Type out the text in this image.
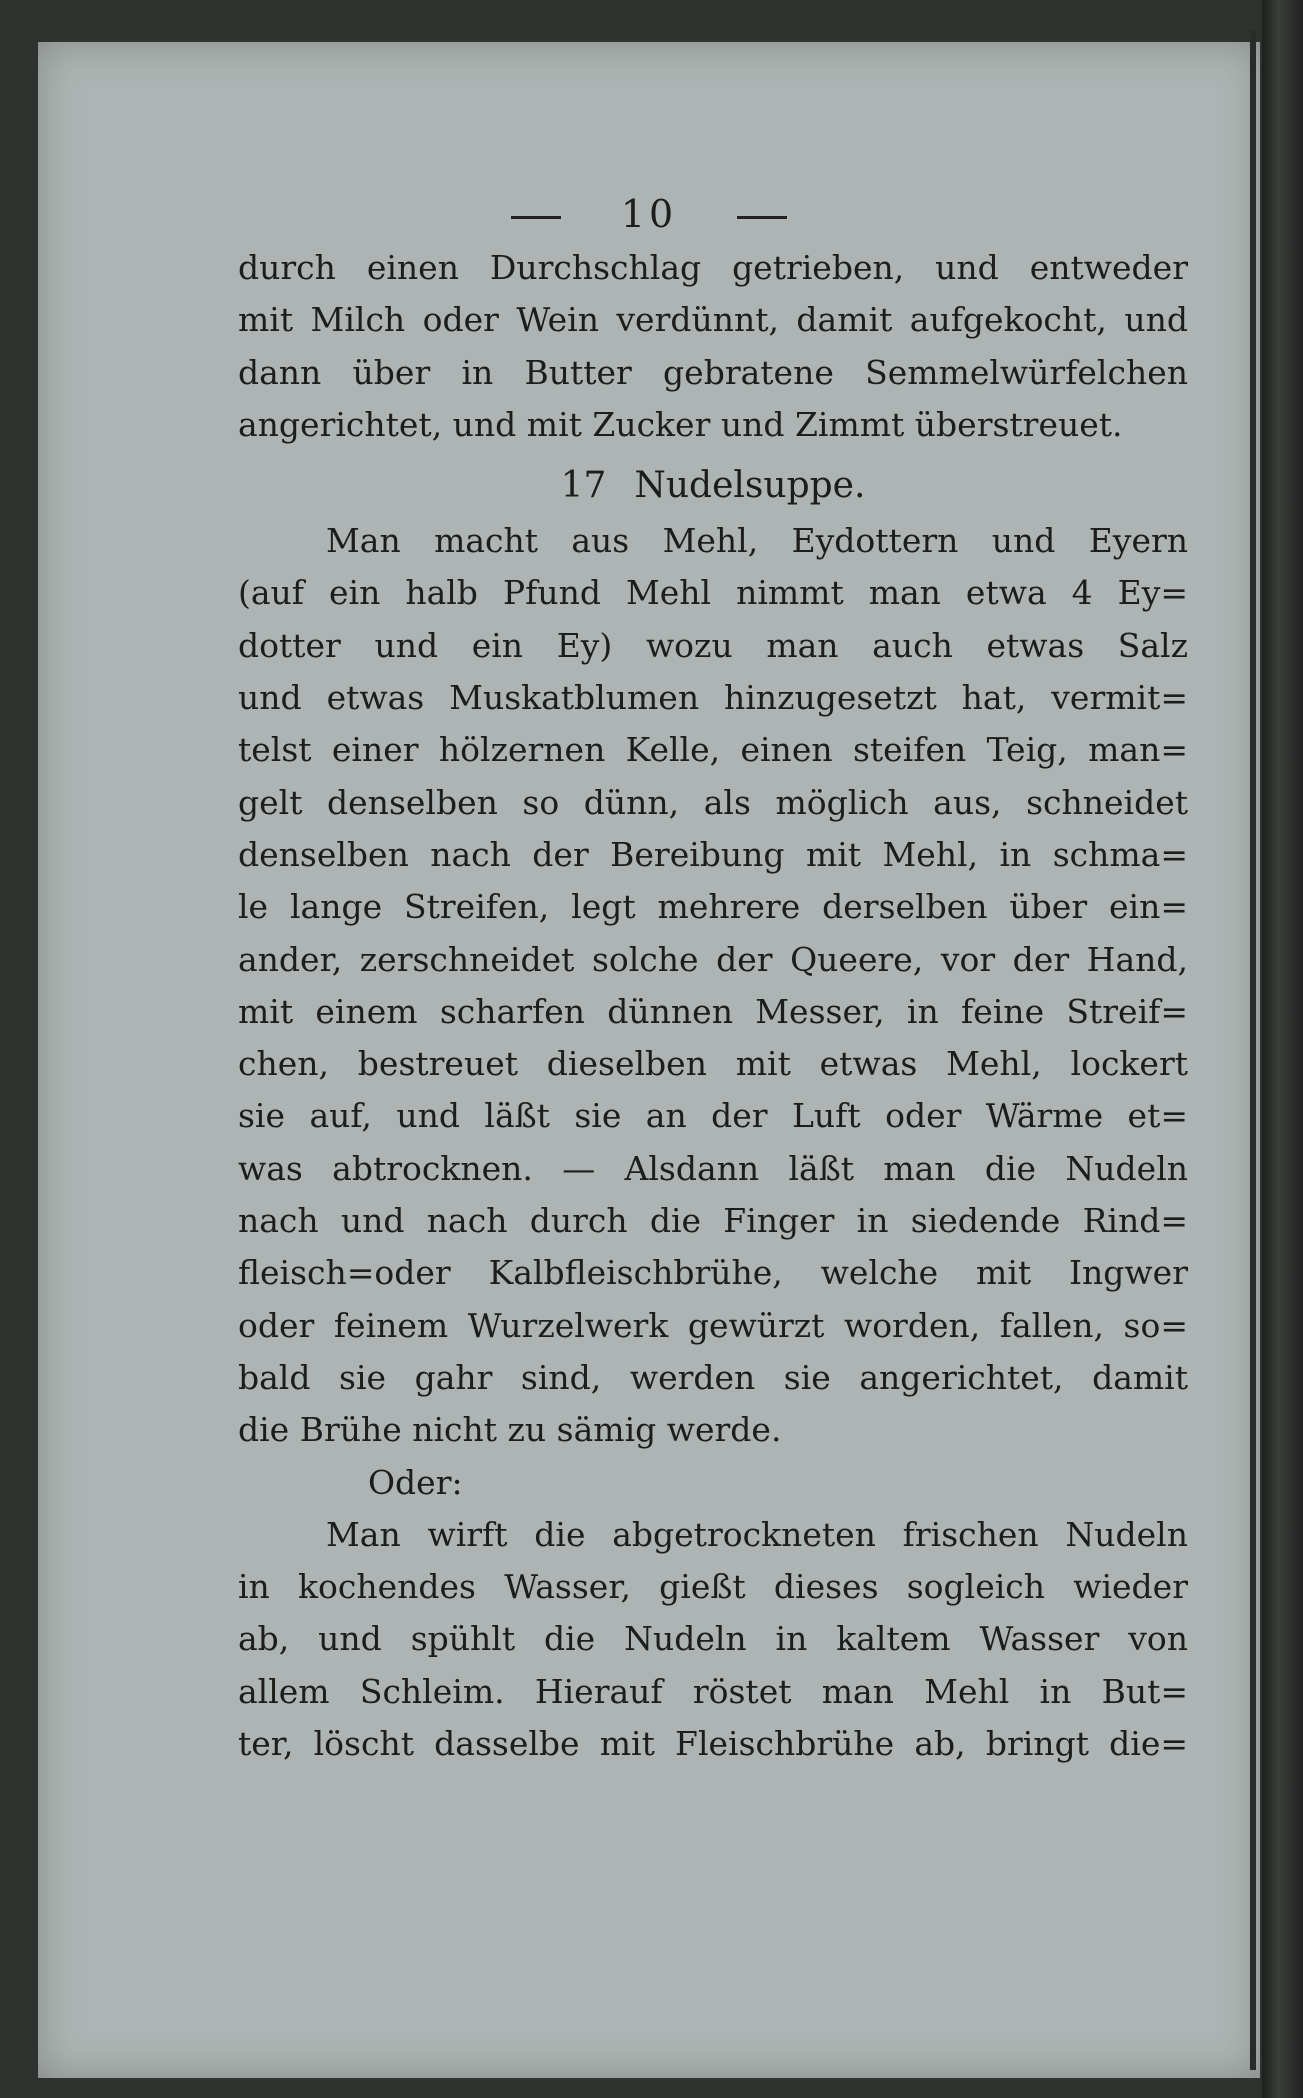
10
durch einen Durchschlag getrieben, und entweder
mit Milch oder Wein verdünnt, damit aufgekocht, und
dann über in Butter gebratene Semmelwürfelchen
angerichtet, und mit Zucker und Zimmt überstreuet.
17 Nudelsuppe.
Man macht aus Mehl, Eydottern und Eyern
(auf ein halb Pfund Mehl nimmt man etwa 4 Ey=
dotter und ein Ey) wozu man auch etwas Salz
und etwas Muskatblumen hinzugesetzt hat, vermit=
telst einer hölzernen Kelle, einen steifen Teig, man=
gelt denselben so dünn, als möglich aus, schneidet
denselben nach der Bereibung mit Mehl, in schma=
le lange Streifen, legt mehrere derselben über ein=
ander, zerschneidet solche der Queere, vor der Hand,
mit einem scharfen dünnen Messer, in feine Streif=
chen, bestreuet dieselben mit etwas Mehl, lockert
sie auf, und läßt sie an der Luft oder Wärme et=
was abtrocknen. — Alsdann läßt man die Nudeln
nach und nach durch die Finger in siedende Rind=
fleisch=oder Kalbfleischbrühe, welche mit Ingwer
oder feinem Wurzelwerk gewürzt worden, fallen, so=
bald sie gahr sind, werden sie angerichtet, damit
die Brühe nicht zu sämig werde.
Oder:
Man wirft die abgetrockneten frischen Nudeln
in kochendes Wasser, gießt dieses sogleich wieder
ab, und spühlt die Nudeln in kaltem Wasser von
allem Schleim. Hierauf röstet man Mehl in But=
ter, löscht dasselbe mit Fleischbrühe ab, bringt die=
